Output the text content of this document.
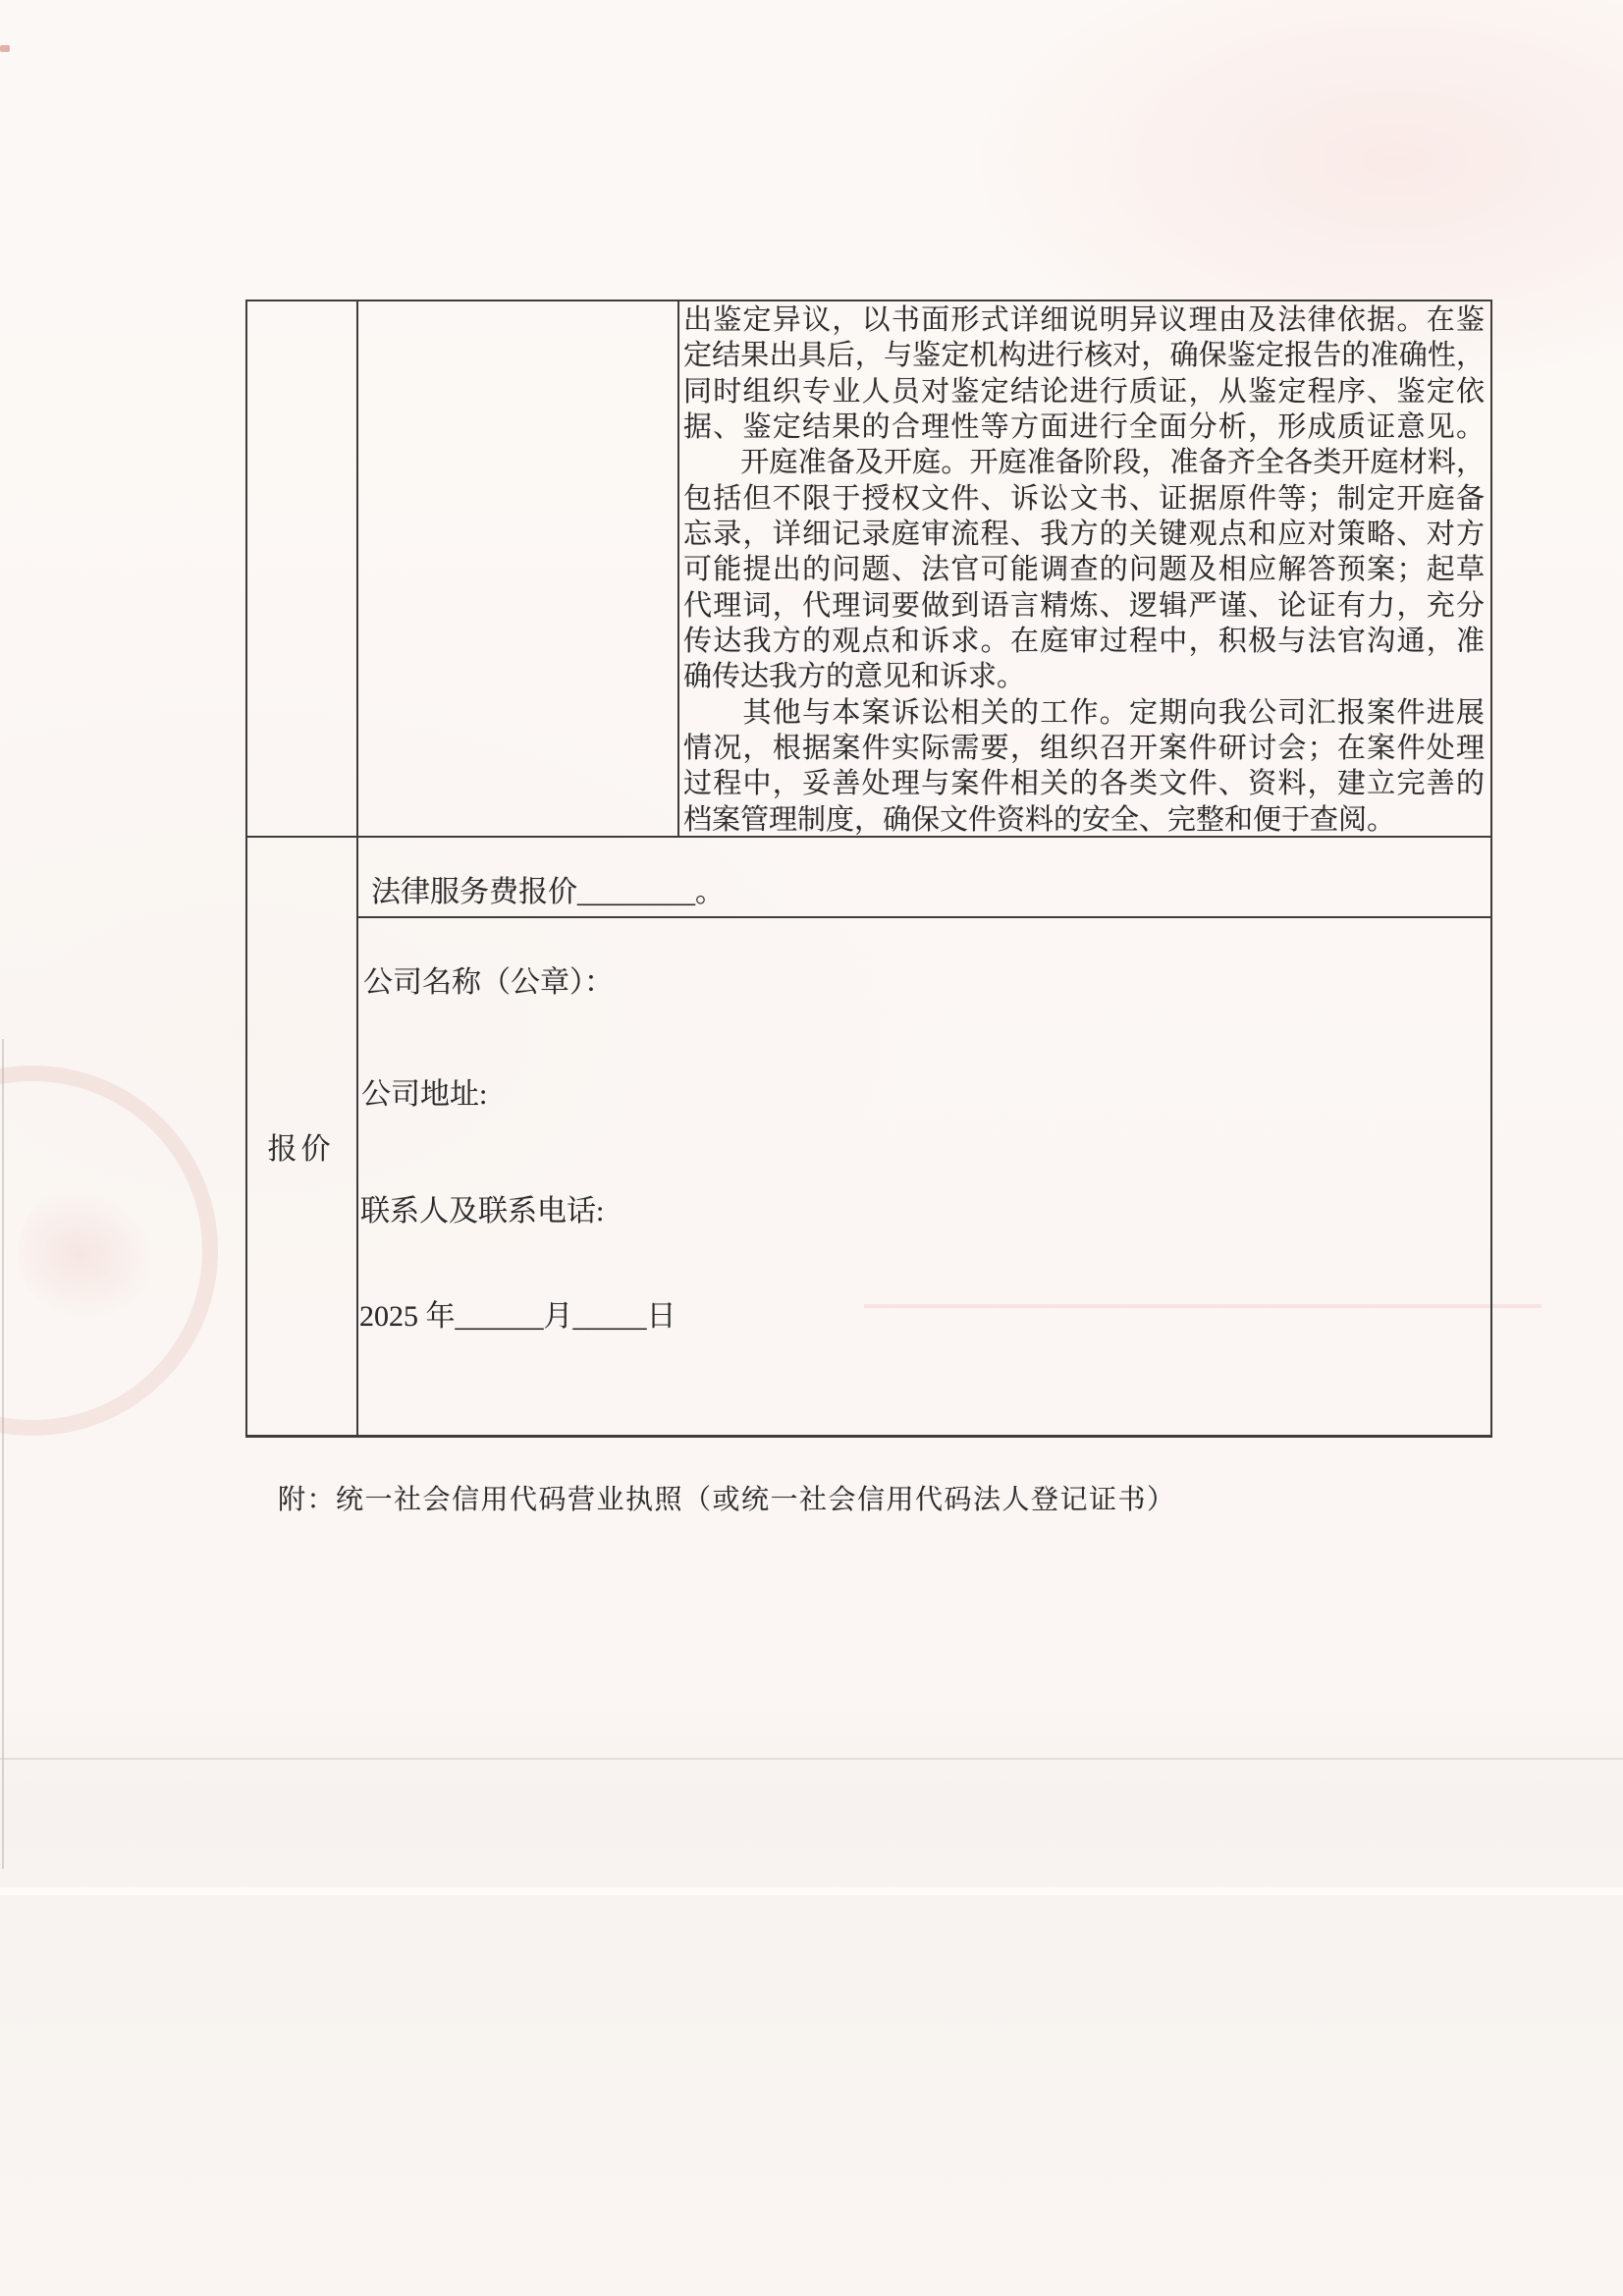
出鉴定异议，以书面形式详细说明异议理由及法律依据。在鉴
定结果出具后，与鉴定机构进行核对，确保鉴定报告的准确性，
同时组织专业人员对鉴定结论进行质证，从鉴定程序、鉴定依
据、鉴定结果的合理性等方面进行全面分析，形成质证意见。
　　开庭准备及开庭。开庭准备阶段，准备齐全各类开庭材料，
包括但不限于授权文件、诉讼文书、证据原件等；制定开庭备
忘录，详细记录庭审流程、我方的关键观点和应对策略、对方
可能提出的问题、法官可能调查的问题及相应解答预案；起草
代理词，代理词要做到语言精炼、逻辑严谨、论证有力，充分
传达我方的观点和诉求。在庭审过程中，积极与法官沟通，准
确传达我方的意见和诉求。
　　其他与本案诉讼相关的工作。定期向我公司汇报案件进展
情况，根据案件实际需要，组织召开案件研讨会；在案件处理
过程中，妥善处理与案件相关的各类文件、资料，建立完善的
档案管理制度，确保文件资料的安全、完整和便于查阅。
报价
法律服务费报价________。
公司名称（公章）：
公司地址:
联系人及联系电话:
2025 年______月_____日
附：统一社会信用代码营业执照（或统一社会信用代码法人登记证书）
